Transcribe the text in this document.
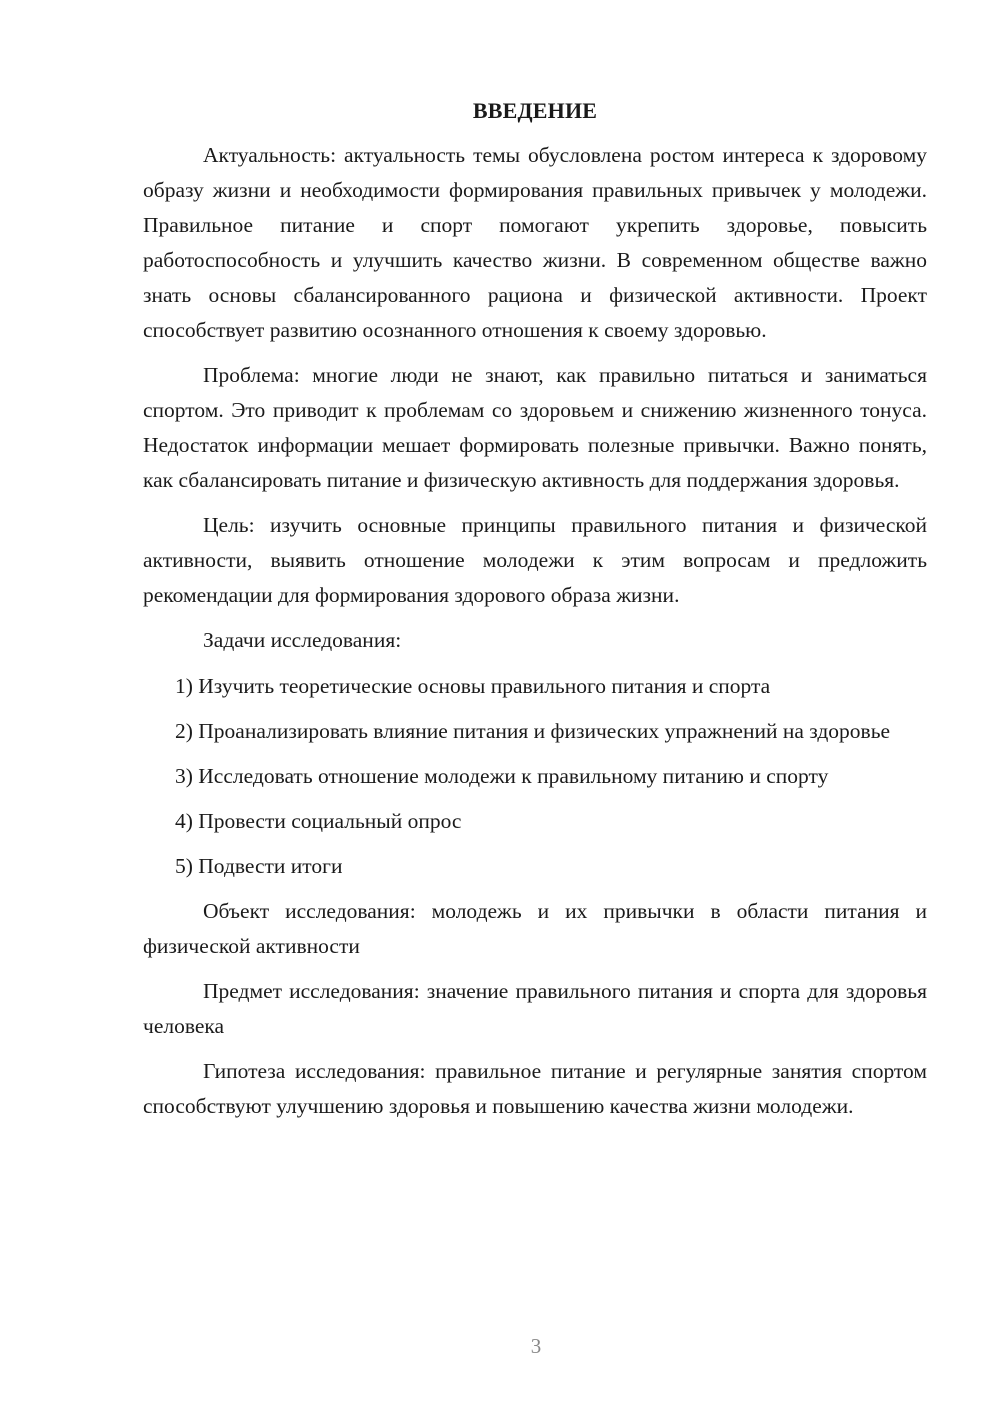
ВВЕДЕНИЕ

Актуальность: актуальность темы обусловлена ростом интереса к здоровому образу жизни и необходимости формирования правильных привычек у молодежи. Правильное питание и спорт помогают укрепить здоровье, повысить работоспособность и улучшить качество жизни. В современном обществе важно знать основы сбалансированного рациона и физической активности. Проект способствует развитию осознанного отношения к своему здоровью.

Проблема: многие люди не знают, как правильно питаться и заниматься спортом. Это приводит к проблемам со здоровьем и снижению жизненного тонуса. Недостаток информации мешает формировать полезные привычки. Важно понять, как сбалансировать питание и физическую активность для поддержания здоровья.

Цель: изучить основные принципы правильного питания и физической активности, выявить отношение молодежи к этим вопросам и предложить рекомендации для формирования здорового образа жизни.

Задачи исследования:

1) Изучить теоретические основы правильного питания и спорта

2) Проанализировать влияние питания и физических упражнений на здоровье

3) Исследовать отношение молодежи к правильному питанию и спорту

4) Провести социальный опрос

5) Подвести итоги

Объект исследования: молодежь и их привычки в области питания и физической активности

Предмет исследования: значение правильного питания и спорта для здоровья человека

Гипотеза исследования: правильное питание и регулярные занятия спортом способствуют улучшению здоровья и повышению качества жизни молодежи.

3
